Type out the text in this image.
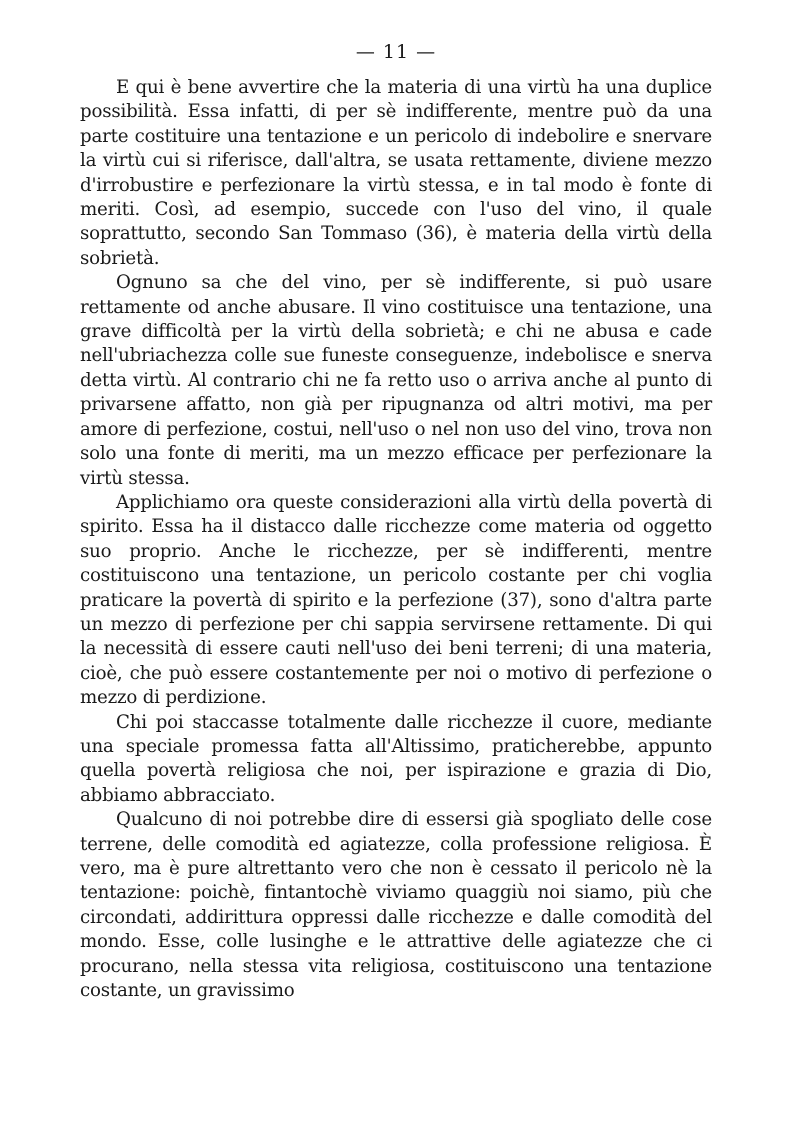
— 11 —

E qui è bene avvertire che la materia di una virtù ha una duplice possibilità. Essa infatti, di per sè indifferente, mentre può da una parte costituire una tentazione e un pericolo di indebolire e snervare la virtù cui si riferisce, dall'altra, se usata rettamente, diviene mezzo d'irrobustire e perfezionare la virtù stessa, e in tal modo è fonte di meriti. Così, ad esempio, succede con l'uso del vino, il quale soprattutto, secondo San Tommaso (36), è materia della virtù della sobrietà.

Ognuno sa che del vino, per sè indifferente, si può usare rettamente od anche abusare. Il vino costituisce una tentazione, una grave difficoltà per la virtù della sobrietà; e chi ne abusa e cade nell'ubriachezza colle sue funeste conseguenze, indebolisce e snerva detta virtù. Al contrario chi ne fa retto uso o arriva anche al punto di privarsene affatto, non già per ripugnanza od altri motivi, ma per amore di perfezione, costui, nell'uso o nel non uso del vino, trova non solo una fonte di meriti, ma un mezzo efficace per perfezionare la virtù stessa.

Applichiamo ora queste considerazioni alla virtù della povertà di spirito. Essa ha il distacco dalle ricchezze come materia od oggetto suo proprio. Anche le ricchezze, per sè indifferenti, mentre costituiscono una tentazione, un pericolo costante per chi voglia praticare la povertà di spirito e la perfezione (37), sono d'altra parte un mezzo di perfezione per chi sappia servirsene rettamente. Di qui la necessità di essere cauti nell'uso dei beni terreni; di una materia, cioè, che può essere costantemente per noi o motivo di perfezione o mezzo di perdizione.

Chi poi staccasse totalmente dalle ricchezze il cuore, mediante una speciale promessa fatta all'Altissimo, praticherebbe, appunto quella povertà religiosa che noi, per ispirazione e grazia di Dio, abbiamo abbracciato.

Qualcuno di noi potrebbe dire di essersi già spogliato delle cose terrene, delle comodità ed agiatezze, colla professione religiosa. È vero, ma è pure altrettanto vero che non è cessato il pericolo nè la tentazione: poichè, fintantochè viviamo quaggiù noi siamo, più che circondati, addirittura oppressi dalle ricchezze e dalle comodità del mondo. Esse, colle lusinghe e le attrattive delle agiatezze che ci procurano, nella stessa vita religiosa, costituiscono una tentazione costante, un gravissimo
